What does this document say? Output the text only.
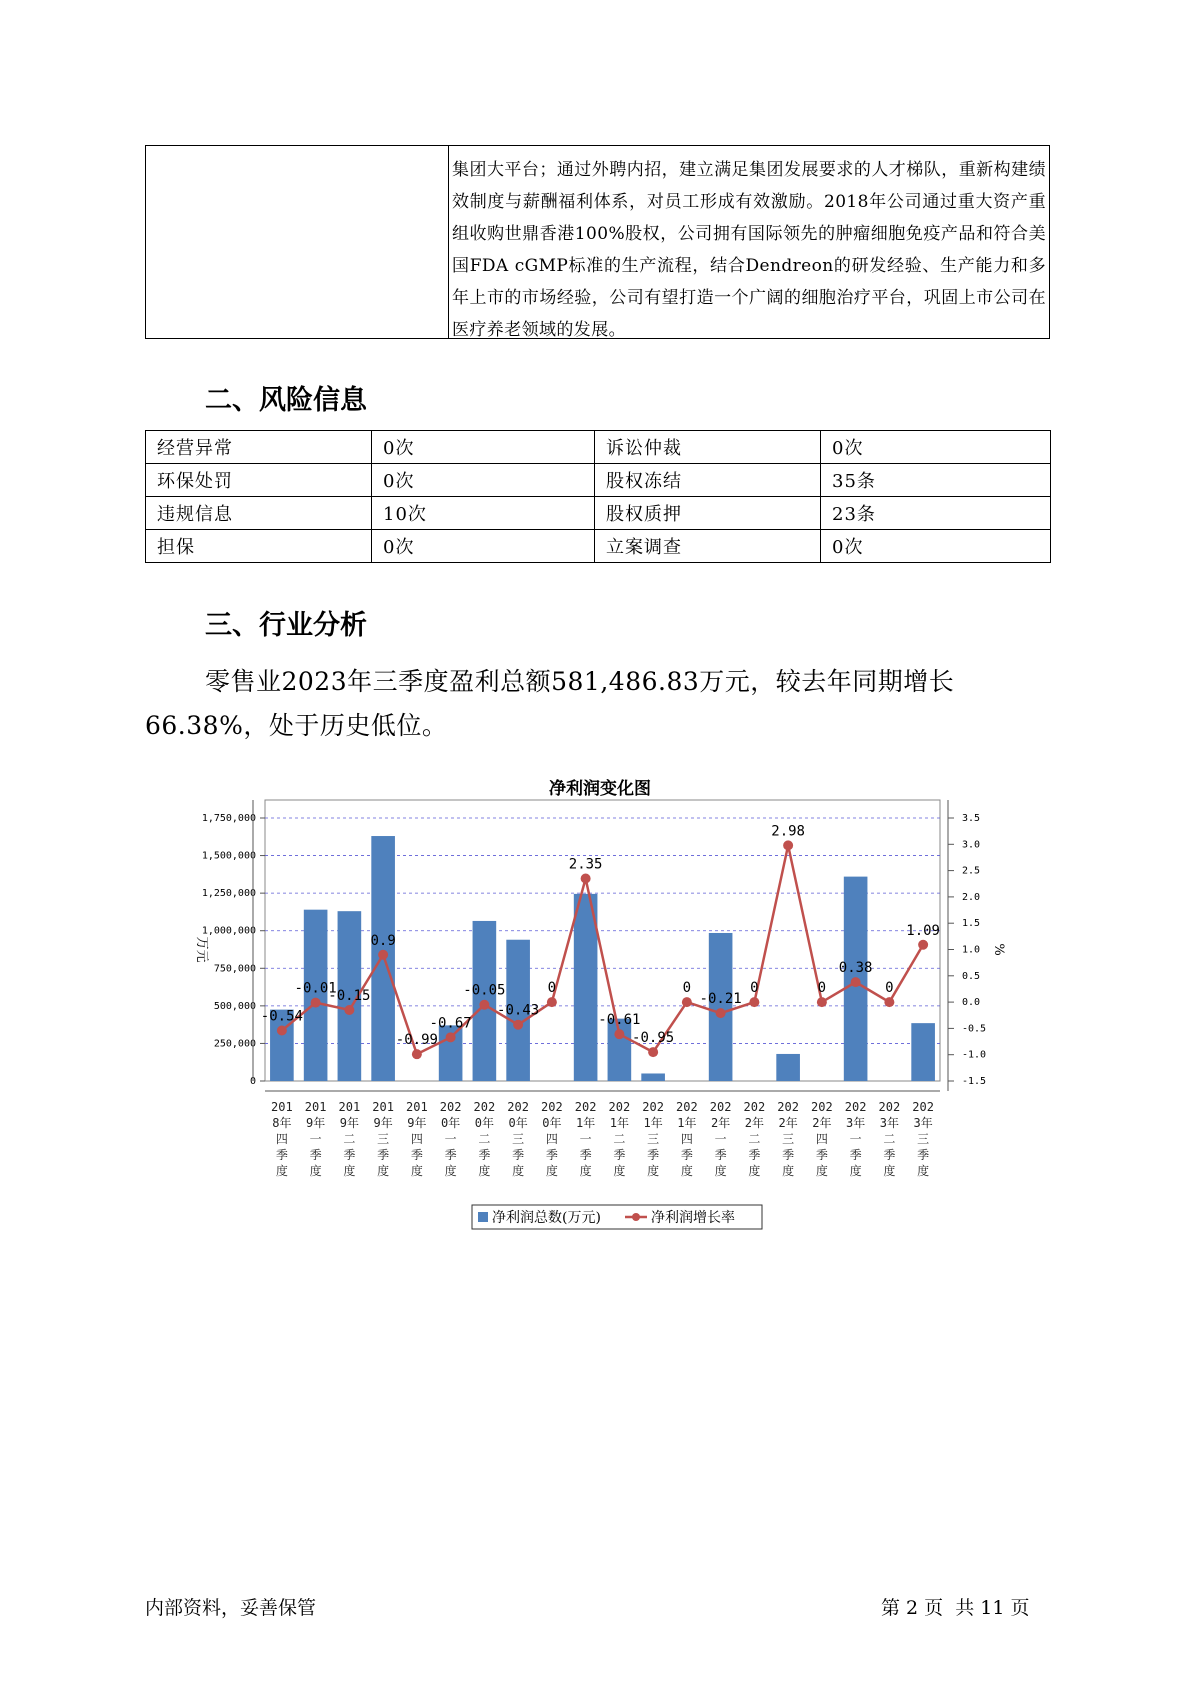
集团大平台；通过外聘内招，建立满足集团发展要求的人才梯队，重新构建绩效制度与薪酬福利体系，对员工形成有效激励。2018年公司通过重大资产重组收购世鼎香港100%股权，公司拥有国际领先的肿瘤细胞免疫产品和符合美国FDA cGMP标准的生产流程，结合Dendreon的研发经验、生产能力和多年上市的市场经验，公司有望打造一个广阔的细胞治疗平台，巩固上市公司在医疗养老领域的发展。
二、风险信息
经营异常	0次	诉讼仲裁	0次
环保处罚	0次	股权冻结	35条
违规信息	10次	股权质押	23条
担保	0次	立案调查	0次
三、行业分析
零售业2023年三季度盈利总额581,486.83万元，较去年同期增长66.38%，处于历史低位。
净利润变化图
0
250,000
500,000
750,000
1,000,000
1,250,000
1,500,000
1,750,000
-1.5
-1.0
-0.5
0.0
0.5
1.0
1.5
2.0
2.5
3.0
3.5
万元	%
-0.54
-0.01
-0.15
0.9
-0.99
-0.67
-0.05
-0.43
0
2.35
-0.61
-0.95
0
-0.21
0
2.98
0
0.38
0
1.09
201 8年四季度
201 9年一季度
201 9年二季度
201 9年三季度
201 9年四季度
202 0年一季度
202 0年二季度
202 0年三季度
202 0年四季度
202 1年一季度
202 1年二季度
202 1年三季度
202 1年四季度
202 2年一季度
202 2年二季度
202 2年三季度
202 2年四季度
202 3年一季度
202 3年二季度
202 3年三季度
净利润总数(万元)	净利润增长率
内部资料，妥善保管	第 2 页  共 11 页
